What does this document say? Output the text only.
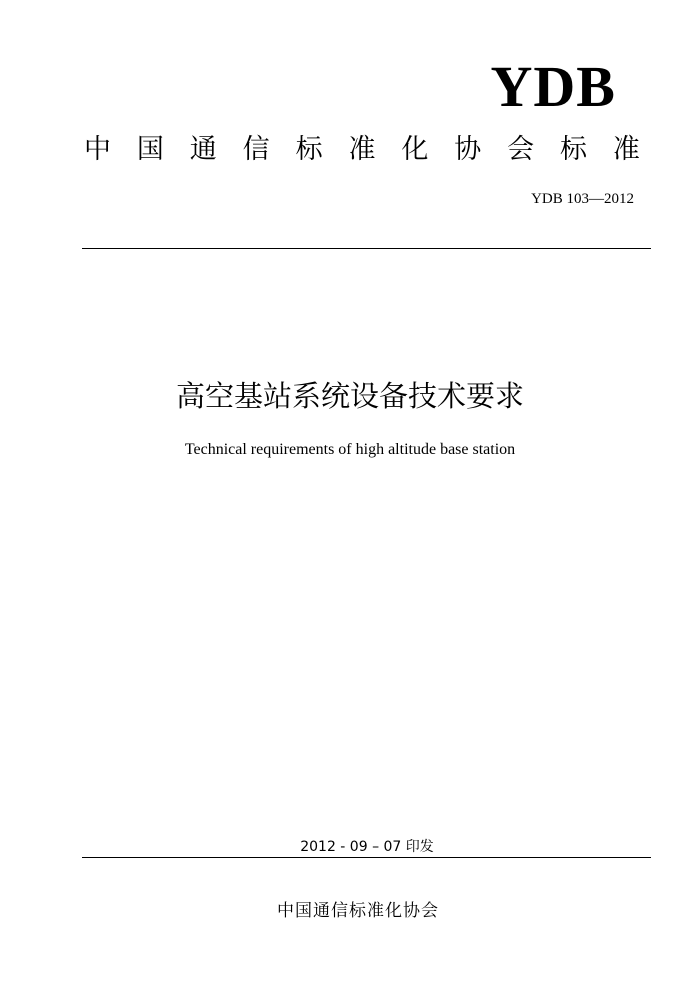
YDB
中 国 通 信 标 准 化 协 会 标 准
YDB 103—2012
高空基站系统设备技术要求
Technical requirements of high altitude base station
2012 - 09 – 07 印发
中国通信标准化协会
